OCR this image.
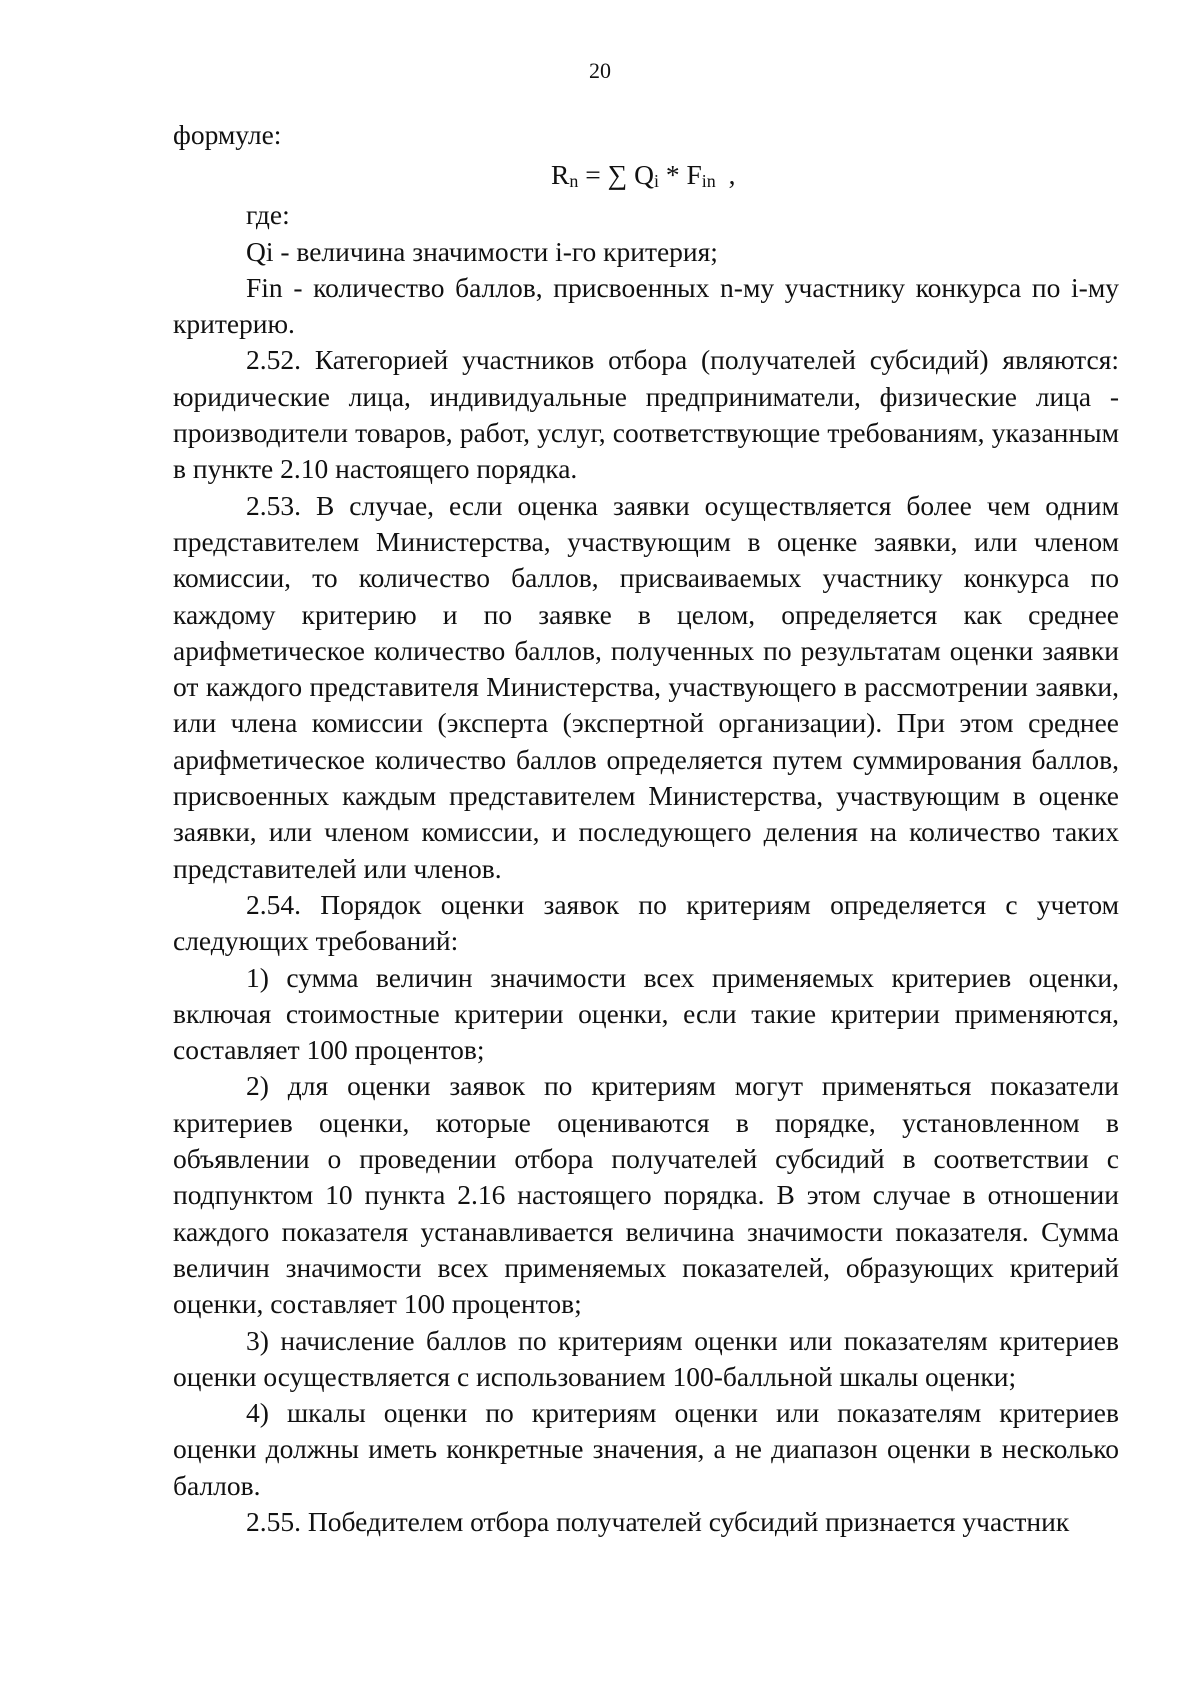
20

формуле:

$R_n$ = ∑ $Q_i * F_{in}$ ,

где:

Qi - величина значимости i-го критерия;

Fin - количество баллов, присвоенных n-му участнику конкурса по i-му критерию.

2.52. Категорией участников отбора (получателей субсидий) являются: юридические лица, индивидуальные предприниматели, физические лица - производители товаров, работ, услуг, соответствующие требованиям, указанным в пункте 2.10 настоящего порядка.

2.53. В случае, если оценка заявки осуществляется более чем одним представителем Министерства, участвующим в оценке заявки, или членом комиссии, то количество баллов, присваиваемых участнику конкурса по каждому критерию и по заявке в целом, определяется как среднее арифметическое количество баллов, полученных по результатам оценки заявки от каждого представителя Министерства, участвующего в рассмотрении заявки, или члена комиссии (эксперта (экспертной организации). При этом среднее арифметическое количество баллов определяется путем суммирования баллов, присвоенных каждым представителем Министерства, участвующим в оценке заявки, или членом комиссии, и последующего деления на количество таких представителей или членов.

2.54. Порядок оценки заявок по критериям определяется с учетом следующих требований:

1) сумма величин значимости всех применяемых критериев оценки, включая стоимостные критерии оценки, если такие критерии применяются, составляет 100 процентов;

2) для оценки заявок по критериям могут применяться показатели критериев оценки, которые оцениваются в порядке, установленном в объявлении о проведении отбора получателей субсидий в соответствии с подпунктом 10 пункта 2.16 настоящего порядка. В этом случае в отношении каждого показателя устанавливается величина значимости показателя. Сумма величин значимости всех применяемых показателей, образующих критерий оценки, составляет 100 процентов;

3) начисление баллов по критериям оценки или показателям критериев оценки осуществляется с использованием 100-балльной шкалы оценки;

4) шкалы оценки по критериям оценки или показателям критериев оценки должны иметь конкретные значения, а не диапазон оценки в несколько баллов.

2.55. Победителем отбора получателей субсидий признается участник
